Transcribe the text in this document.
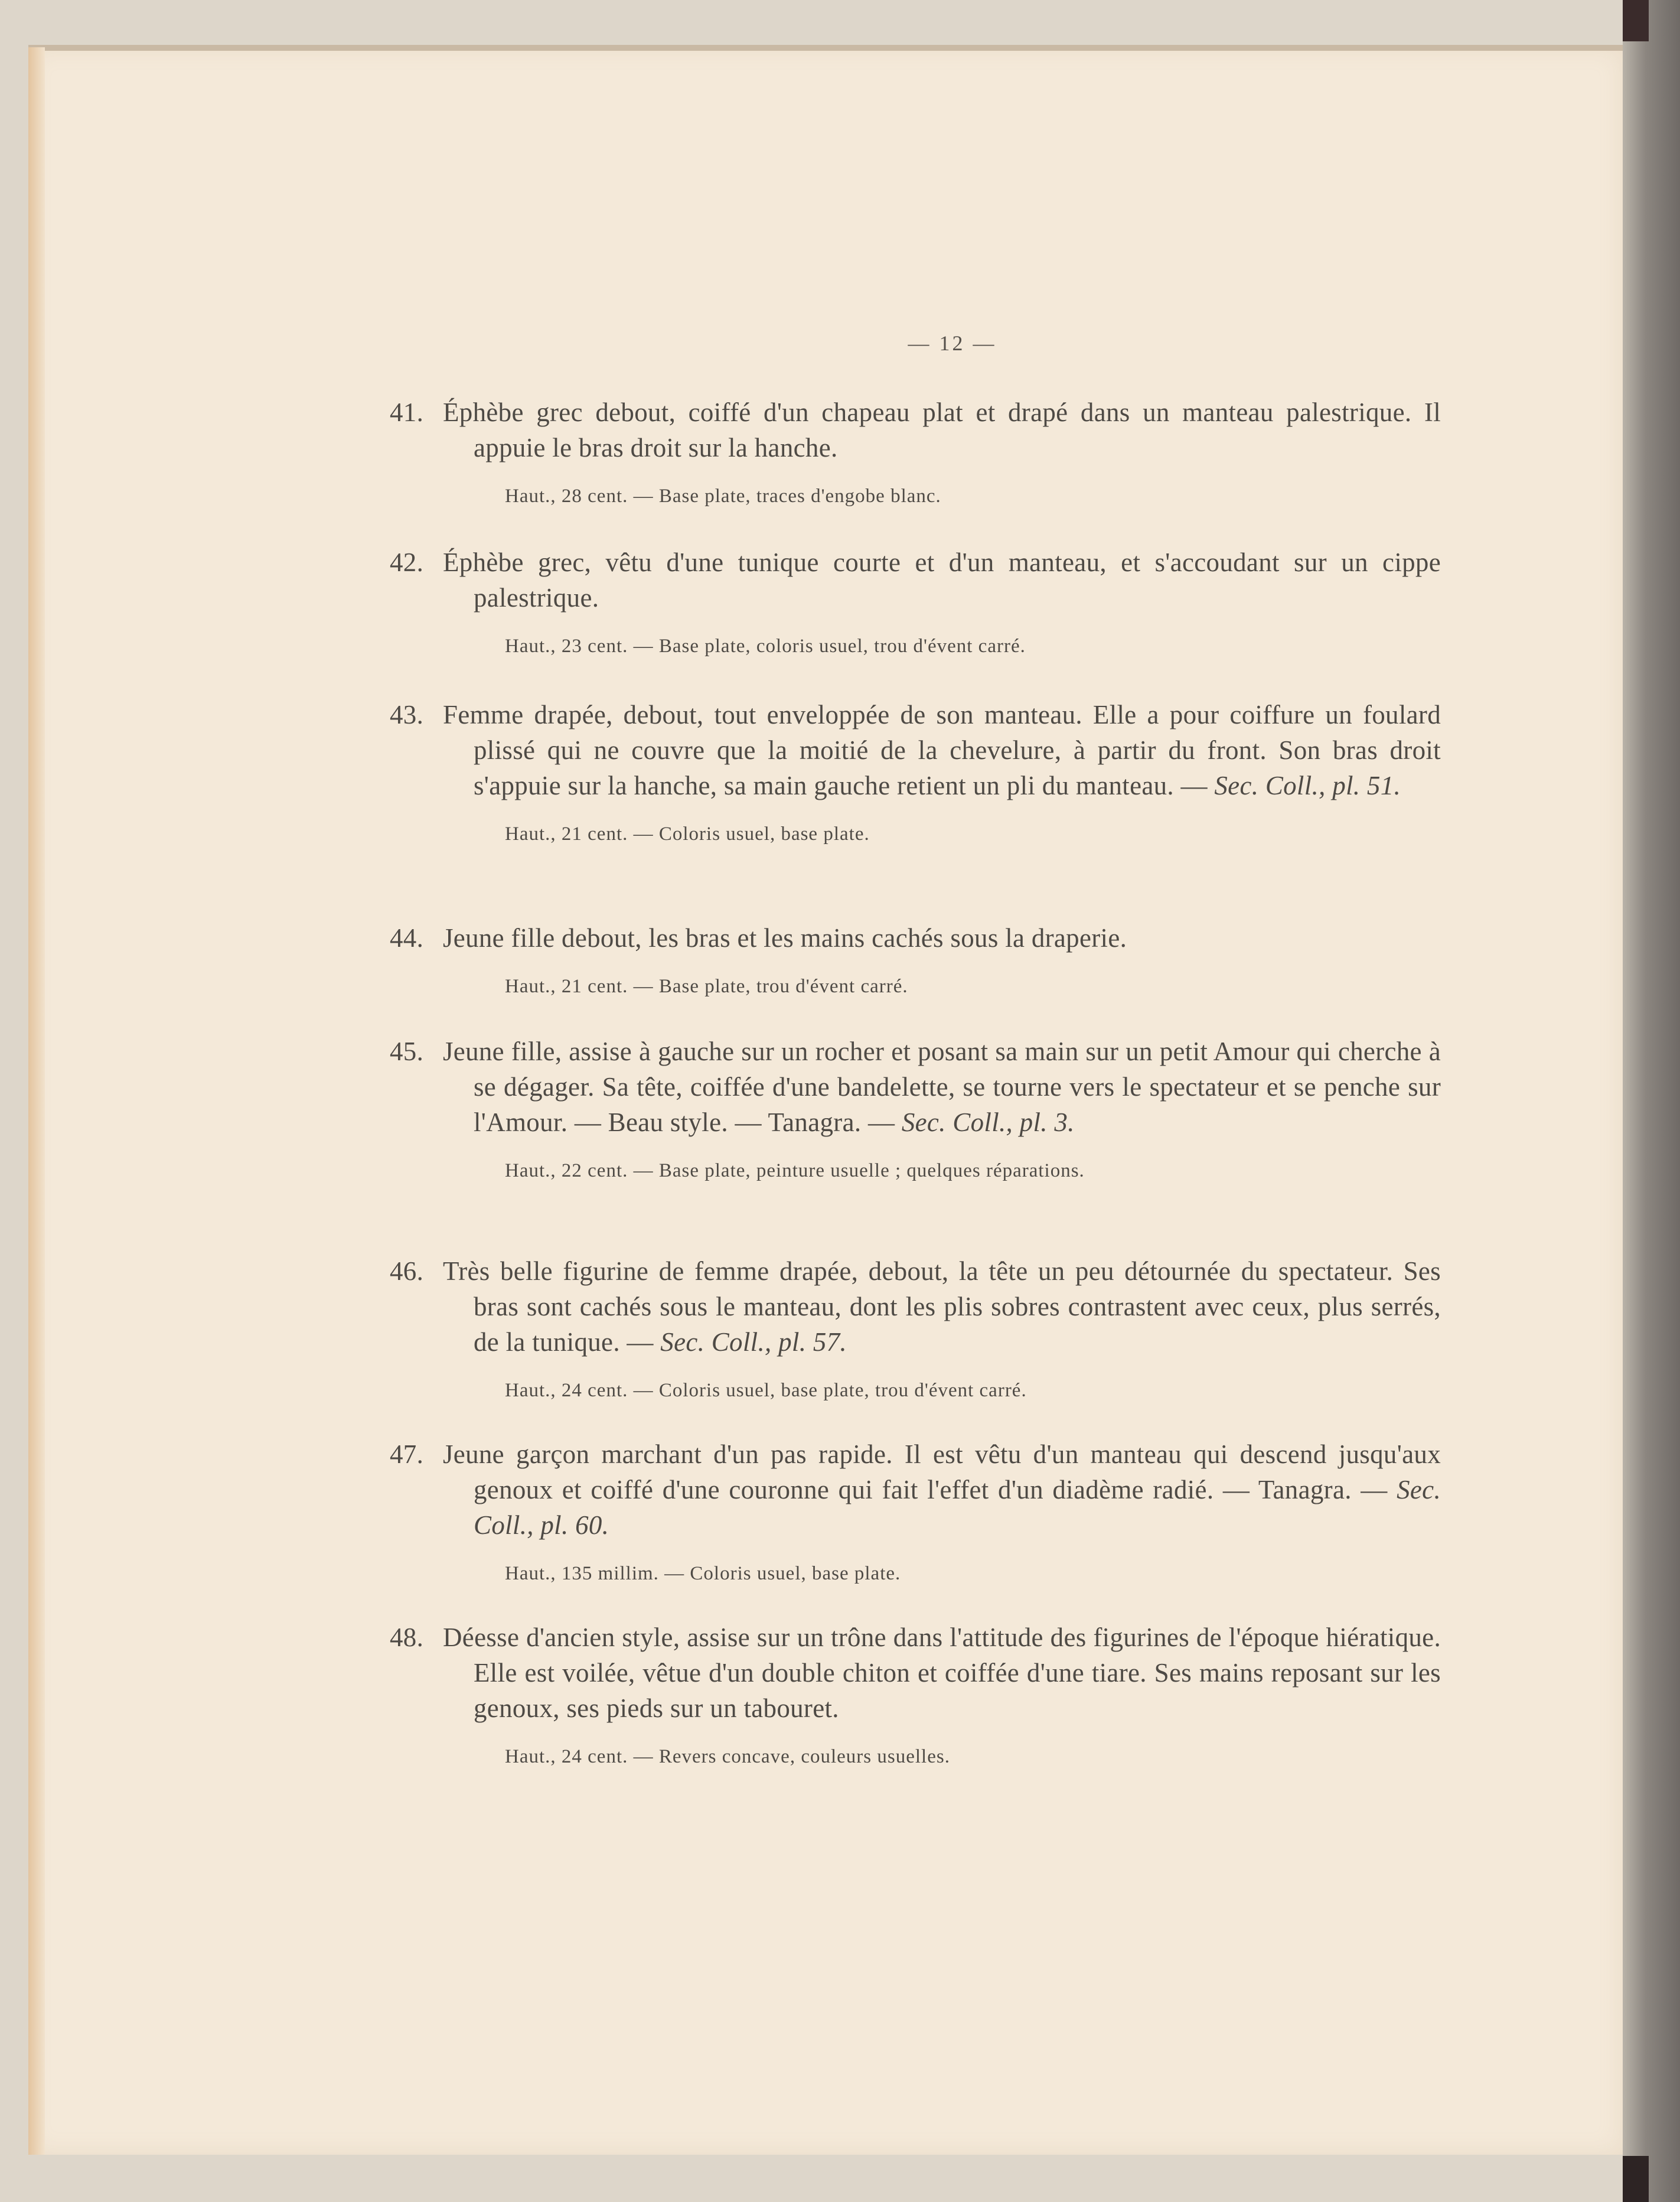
— 12 —

41. Éphèbe grec debout, coiffé d'un chapeau plat et drapé dans un manteau palestrique. Il appuie le bras droit sur la hanche.

Haut., 28 cent. — Base plate, traces d'engobe blanc.

42. Éphèbe grec, vêtu d'une tunique courte et d'un manteau, et s'accoudant sur un cippe palestrique.

Haut., 23 cent. — Base plate, coloris usuel, trou d'évent carré.

43. Femme drapée, debout, tout enveloppée de son manteau. Elle a pour coiffure un foulard plissé qui ne couvre que la moitié de la chevelure, à partir du front. Son bras droit s'appuie sur la hanche, sa main gauche retient un pli du manteau. — Sec. Coll., pl. 51.

Haut., 21 cent. — Coloris usuel, base plate.

44. Jeune fille debout, les bras et les mains cachés sous la draperie.

Haut., 21 cent. — Base plate, trou d'évent carré.

45. Jeune fille, assise à gauche sur un rocher et posant sa main sur un petit Amour qui cherche à se dégager. Sa tête, coiffée d'une bandelette, se tourne vers le spectateur et se penche sur l'Amour. — Beau style. — Tanagra. — Sec. Coll., pl. 3.

Haut., 22 cent. — Base plate, peinture usuelle ; quelques réparations.

46. Très belle figurine de femme drapée, debout, la tête un peu détournée du spectateur. Ses bras sont cachés sous le manteau, dont les plis sobres contrastent avec ceux, plus serrés, de la tunique. — Sec. Coll., pl. 57.

Haut., 24 cent. — Coloris usuel, base plate, trou d'évent carré.

47. Jeune garçon marchant d'un pas rapide. Il est vêtu d'un manteau qui descend jusqu'aux genoux et coiffé d'une couronne qui fait l'effet d'un diadème radié. — Tanagra. — Sec. Coll., pl. 60.

Haut., 135 millim. — Coloris usuel, base plate.

48. Déesse d'ancien style, assise sur un trône dans l'attitude des figurines de l'époque hiératique. Elle est voilée, vêtue d'un double chiton et coiffée d'une tiare. Ses mains reposant sur les genoux, ses pieds sur un tabouret.

Haut., 24 cent. — Revers concave, couleurs usuelles.
